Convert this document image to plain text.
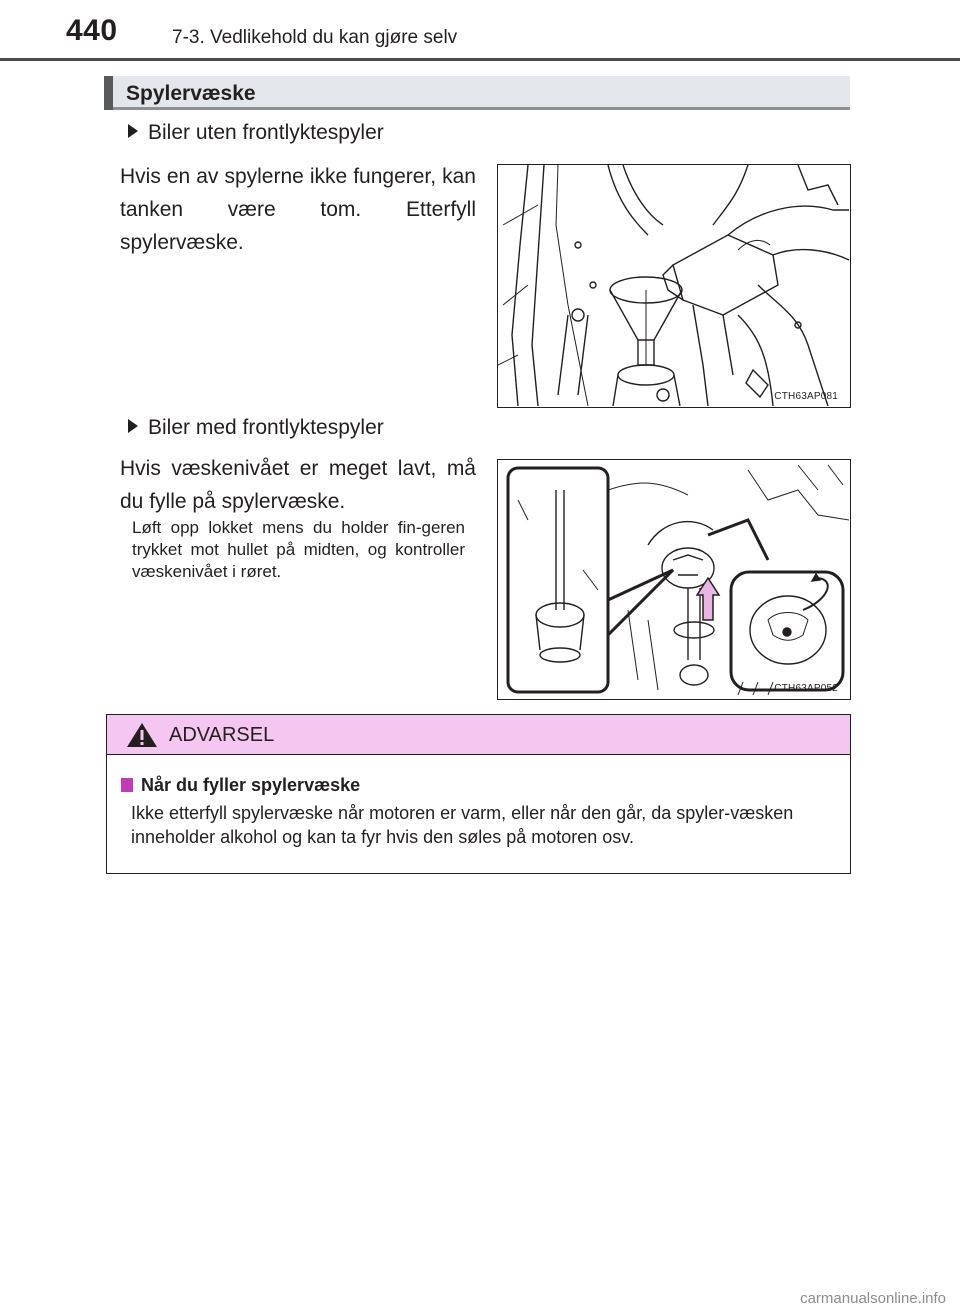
440	7-3. Vedlikehold du kan gjøre selv
Spylervæske
Biler uten frontlyktespyler
Hvis en av spylerne ikke fungerer, kan tanken være tom. Etterfyll spylervæske.
CTH63AP081
Biler med frontlyktespyler
Hvis væskenivået er meget lavt, må du fylle på spylervæske.
Løft opp lokket mens du holder fin-geren trykket mot hullet på midten, og kontroller væskenivået i røret.
CTH63AP052
ADVARSEL
Når du fyller spylervæske
Ikke etterfyll spylervæske når motoren er varm, eller når den går, da spyler-væsken inneholder alkohol og kan ta fyr hvis den søles på motoren osv.
carmanualsonline.info
